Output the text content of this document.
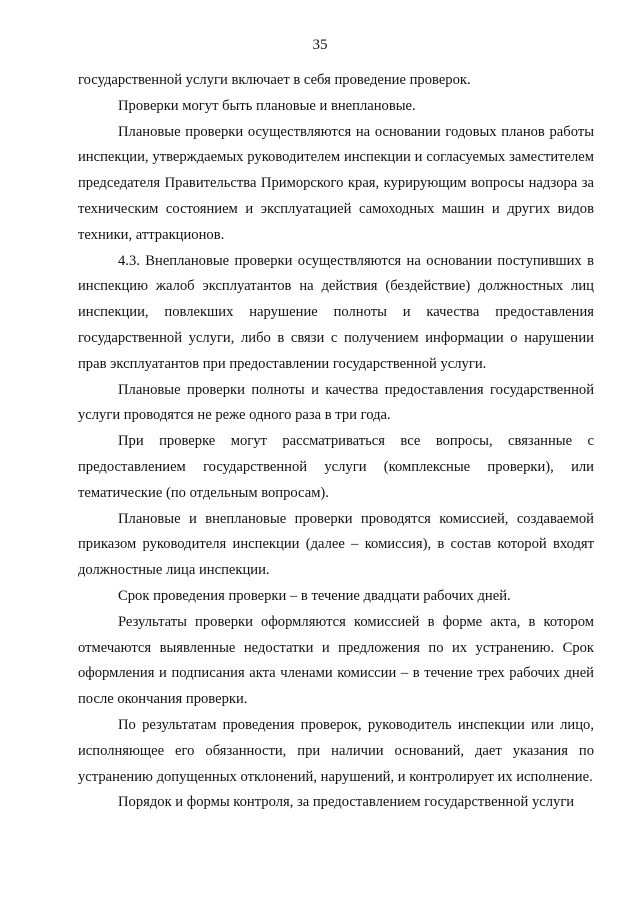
35

государственной услуги включает в себя проведение проверок.

Проверки могут быть плановые и внеплановые.

Плановые проверки осуществляются на основании годовых планов работы инспекции, утверждаемых руководителем инспекции и согласуемых заместителем председателя Правительства Приморского края, курирующим вопросы надзора за техническим состоянием и эксплуатацией самоходных машин и других видов техники, аттракционов.

4.3. Внеплановые проверки осуществляются на основании поступивших в инспекцию жалоб эксплуатантов на действия (бездействие) должностных лиц инспекции, повлекших нарушение полноты и качества предоставления государственной услуги, либо в связи с получением информации о нарушении прав эксплуатантов при предоставлении государственной услуги.

Плановые проверки полноты и качества предоставления государственной услуги проводятся не реже одного раза в три года.

При проверке могут рассматриваться все вопросы, связанные с предоставлением государственной услуги (комплексные проверки), или тематические (по отдельным вопросам).

Плановые и внеплановые проверки проводятся комиссией, создаваемой приказом руководителя инспекции (далее – комиссия), в состав которой входят должностные лица инспекции.

Срок проведения проверки – в течение двадцати рабочих дней.

Результаты проверки оформляются комиссией в форме акта, в котором отмечаются выявленные недостатки и предложения по их устранению. Срок оформления и подписания акта членами комиссии – в течение трех рабочих дней после окончания проверки.

По результатам проведения проверок, руководитель инспекции или лицо, исполняющее его обязанности, при наличии оснований, дает указания по устранению допущенных отклонений, нарушений, и контролирует их исполнение.

Порядок и формы контроля, за предоставлением государственной услуги
